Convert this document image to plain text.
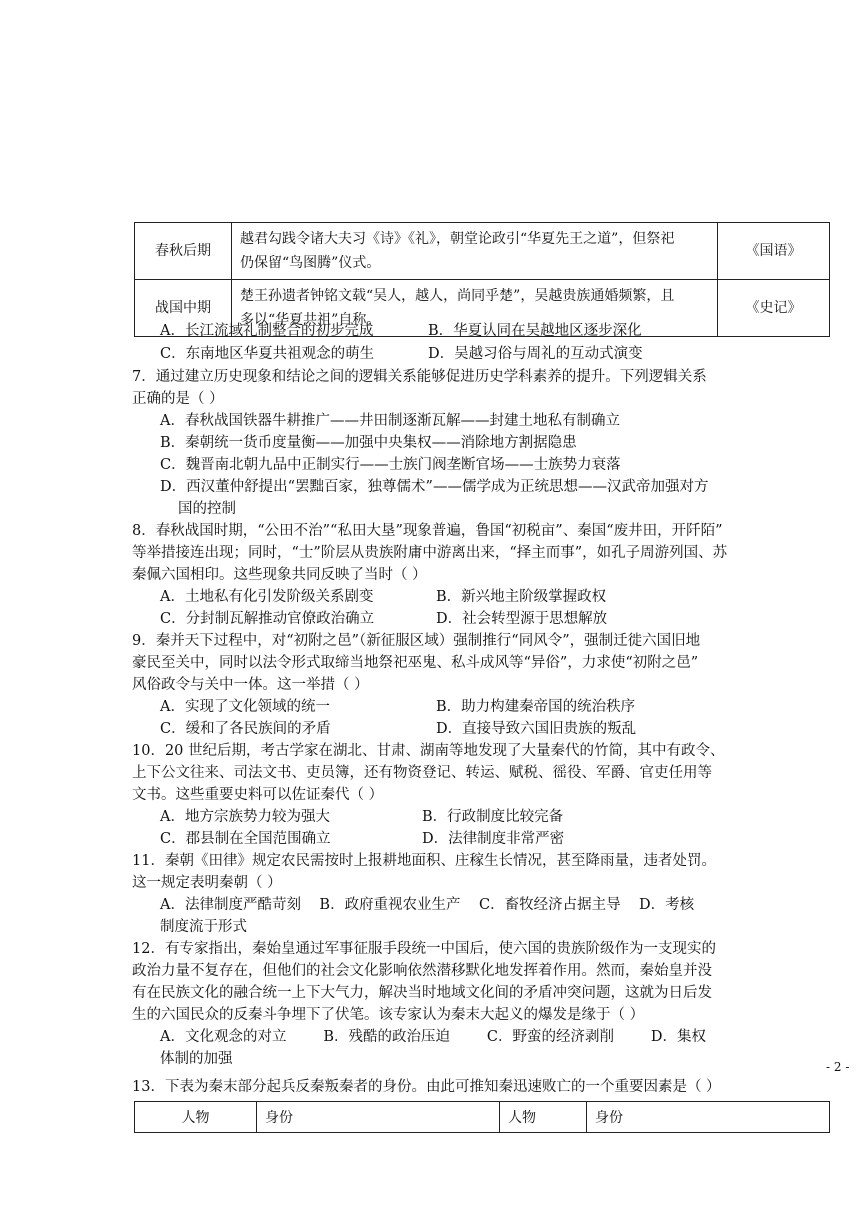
春秋后期	越君勾践令诸大夫习《诗》《礼》，朝堂论政引“华夏先王之道”，但祭祀
仍保留“鸟图腾”仪式。	《国语》
战国中期	楚王孙遗者钟铭文载“吴人，越人，尚同乎楚”，吴越贵族通婚频繁，且
多以“华夏共祖”自称。	《史记》
A．长江流域礼制整合的初步完成	B．华夏认同在吴越地区逐步深化
C．东南地区华夏共祖观念的萌生	D．吴越习俗与周礼的互动式演变
7．通过建立历史现象和结论之间的逻辑关系能够促进历史学科素养的提升。下列逻辑关系
正确的是（ ）
A．春秋战国铁器牛耕推广——井田制逐渐瓦解——封建土地私有制确立
B．秦朝统一货币度量衡——加强中央集权——消除地方割据隐患
C．魏晋南北朝九品中正制实行——士族门阀垄断官场——士族势力衰落
D．西汉董仲舒提出“罢黜百家，独尊儒术”——儒学成为正统思想——汉武帝加强对方
国的控制
8．春秋战国时期，“公田不治”“私田大垦”现象普遍，鲁国“初税亩”、秦国“废井田，开阡陌”
等举措接连出现；同时，“士”阶层从贵族附庸中游离出来，“择主而事”，如孔子周游列国、苏
秦佩六国相印。这些现象共同反映了当时（ ）
A．土地私有化引发阶级关系剧变	B．新兴地主阶级掌握政权
C．分封制瓦解推动官僚政治确立	D．社会转型源于思想解放
9．秦并天下过程中，对“初附之邑”（新征服区域）强制推行“同风令”，强制迁徙六国旧地
豪民至关中，同时以法令形式取缔当地祭祀巫鬼、私斗成风等“异俗”，力求使“初附之邑”
风俗政令与关中一体。这一举措（ ）
A．实现了文化领域的统一	B．助力构建秦帝国的统治秩序
C．缓和了各民族间的矛盾	D．直接导致六国旧贵族的叛乱
10．20 世纪后期，考古学家在湖北、甘肃、湖南等地发现了大量秦代的竹简，其中有政令、
上下公文往来、司法文书、吏员簿，还有物资登记、转运、赋税、徭役、军爵、官吏任用等
文书。这些重要史料可以佐证秦代（ ）
A．地方宗族势力较为强大	B．行政制度比较完备
C．郡县制在全国范围确立	D．法律制度非常严密
11．秦朝《田律》规定农民需按时上报耕地面积、庄稼生长情况，甚至降雨量，违者处罚。
这一规定表明秦朝（ ）
A．法律制度严酷苛刻    B．政府重视农业生产    C．畜牧经济占据主导    D．考核
制度流于形式
12．有专家指出，秦始皇通过军事征服手段统一中国后，使六国的贵族阶级作为一支现实的
政治力量不复存在，但他们的社会文化影响依然潜移默化地发挥着作用。然而，秦始皇并没
有在民族文化的融合统一上下大气力，解决当时地域文化间的矛盾冲突问题，这就为日后发
生的六国民众的反秦斗争埋下了伏笔。该专家认为秦末大起义的爆发是缘于（ ）
A．文化观念的对立        B．残酷的政治压迫        C．野蛮的经济剥削        D．集权
体制的加强	- 2 -
13．下表为秦末部分起兵反秦叛秦者的身份。由此可推知秦迅速败亡的一个重要因素是（ ）
人物	身份	人物	身份
